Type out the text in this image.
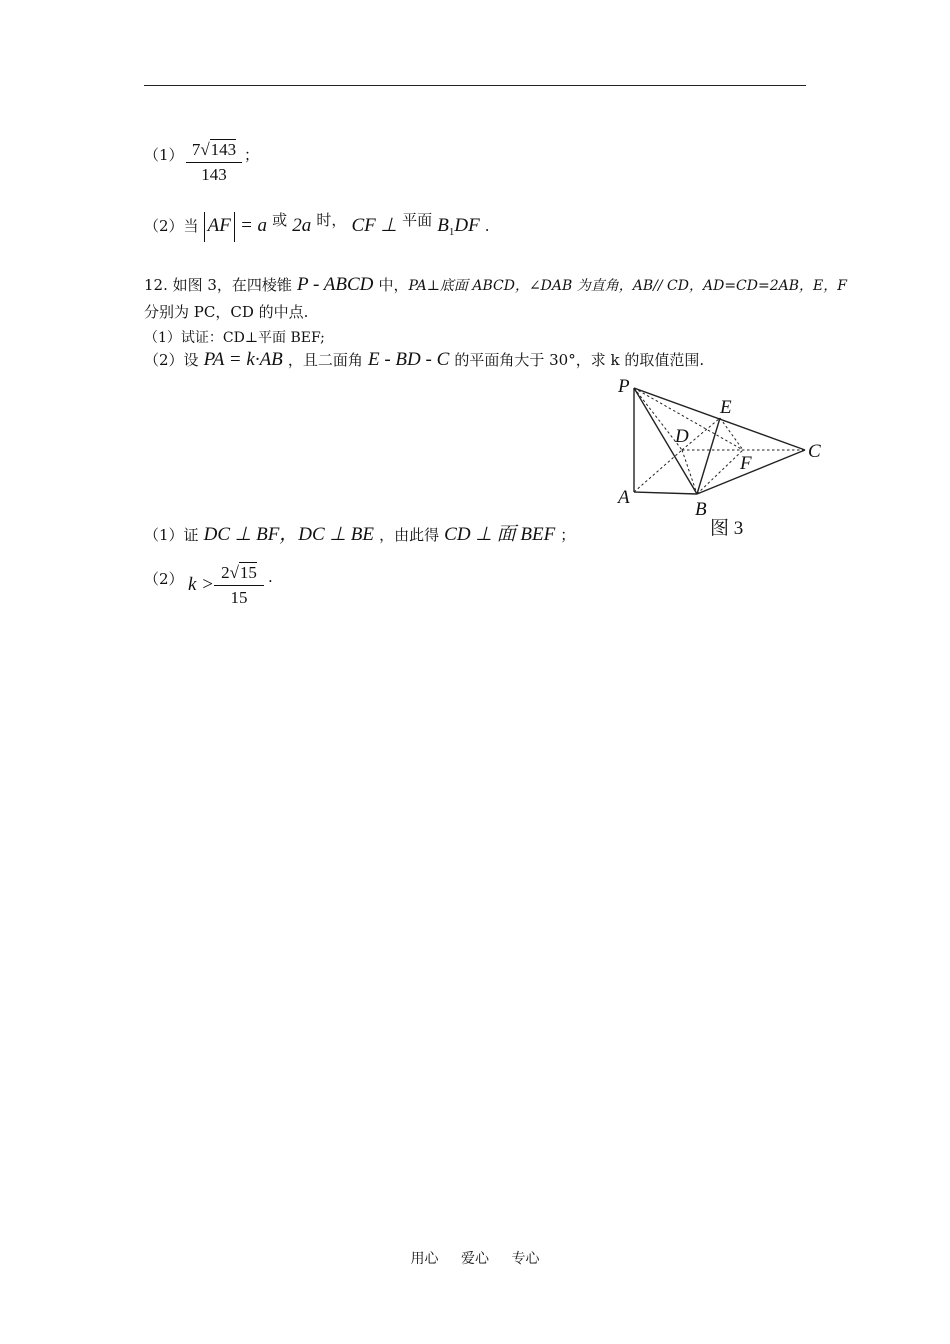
（1） 7√143
143
；
（2）当 AF = a 或 2a 时， CF ⊥ 平面 $B_1DF$ .
12. 如图 3，在四棱锥 P - ABCD 中，PA⊥底面 ABCD，∠DAB 为直角，AB// CD，AD=CD=2AB，E，F
分别为 PC，CD 的中点.
（1）试证：CD⊥平面 BEF;
（2）设 PA = k·AB ，且二面角 E - BD - C 的平面角大于 30°，求 k 的取值范围.
P
A
B
C
D
E
F
图 3
（1）证 DC ⊥ BF，DC ⊥ BE ，由此得 CD ⊥ 面 BEF ；
（2） k >
2√15
15
.
用心 爱心 专心
